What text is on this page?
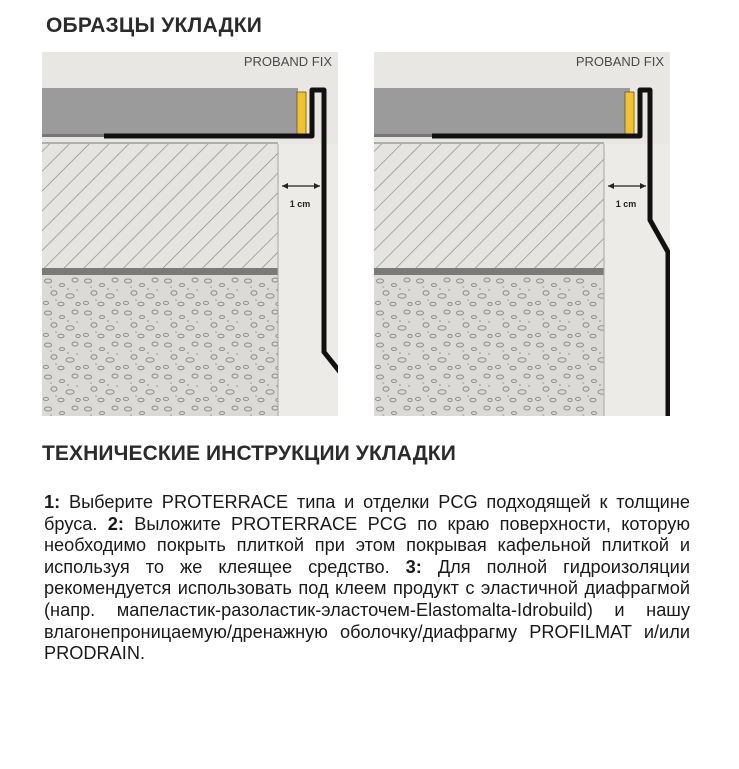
ОБРАЗЦЫ УКЛАДКИ
1 cm
PROBAND FIX
1 cm
PROBAND FIX
ТЕХНИЧЕСКИЕ ИНСТРУКЦИИ УКЛАДКИ

1: Выберите PROTERRACE типа и отделки PCG подходящей к толщине бруса. 2: Выложите PROTERRACE PCG по краю поверхности, которую необходимо покрыть плиткой при этом покрывая кафельной плиткой и используя то же клеящее средство. 3: Для полной гидроизоляции рекомендуется использовать под клеем продукт с эластичной диафрагмой (напр. мапеластик-разоластик-эласточем-Elastomalta-Idrobuild) и нашу влагонепроницаемую/дренажную оболочку/диафрагму PROFILMAT и/или PRODRAIN.
